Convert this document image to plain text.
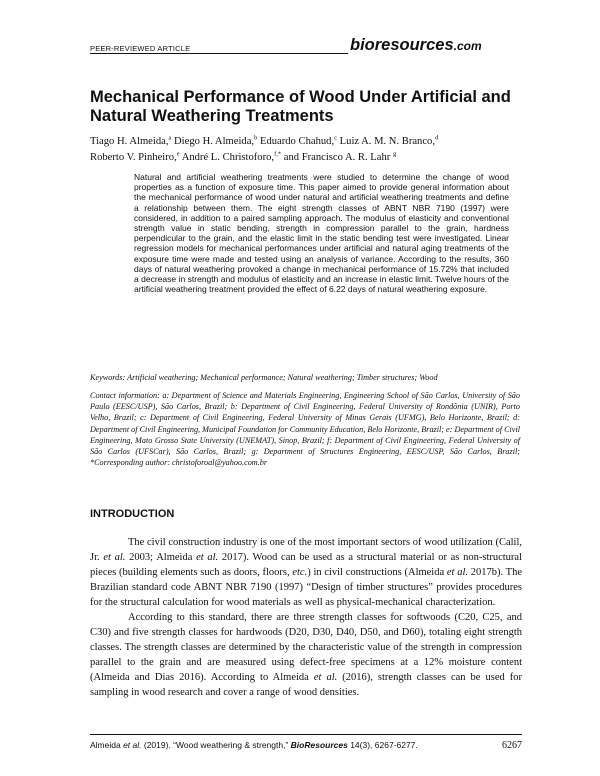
PEER-REVIEWED ARTICLE	bioresources.com
Mechanical Performance of Wood Under Artificial and Natural Weathering Treatments
Tiago H. Almeida,$^a$ Diego H. Almeida,$^b$ Eduardo Chahud,$^c$ Luiz A. M. N. Branco,$^d$
Roberto V. Pinheiro,$^e$ André L. Christoforo,$^{f,*}$ and Francisco A. R. Lahr $^g$
Natural and artificial weathering treatments were studied to determine the change of wood properties as a function of exposure time. This paper aimed to provide general information about the mechanical performance of wood under natural and artificial weathering treatments and define a relationship between them. The eight strength classes of ABNT NBR 7190 (1997) were considered, in addition to a paired sampling approach. The modulus of elasticity and conventional strength value in static bending, strength in compression parallel to the grain, hardness perpendicular to the grain, and the elastic limit in the static bending test were investigated. Linear regression models for mechanical performances under artificial and natural aging treatments of the exposure time were made and tested using an analysis of variance. According to the results, 360 days of natural weathering provoked a change in mechanical performance of 15.72% that included a decrease in strength and modulus of elasticity and an increase in elastic limit. Twelve hours of the artificial weathering treatment provided the effect of 6.22 days of natural weathering exposure.
Keywords: Artificial weathering; Mechanical performance; Natural weathering; Timber structures; Wood
Contact information: a: Department of Science and Materials Engineering, Engineering School of São Carlos, University of São Paulo (EESC/USP), São Carlos, Brazil; b: Department of Civil Engineering, Federal University of Rondônia (UNIR), Porto Velho, Brazil; c: Department of Civil Engineering, Federal University of Minas Gerais (UFMG), Belo Horizonte, Brazil; d: Department of Civil Engineering, Municipal Foundation for Community Education, Belo Horizonte, Brazil; e: Department of Civil Engineering, Mato Grosso State University (UNEMAT), Sinop, Brazil; f: Department of Civil Engineering, Federal University of São Carlos (UFSCar), São Carlos, Brazil; g: Department of Structures Engineering, EESC/USP, São Carlos, Brazil; *Corresponding author: christoforoal@yahoo.com.br
INTRODUCTION

The civil construction industry is one of the most important sectors of wood utilization (Calil, Jr. et al. 2003; Almeida et al. 2017). Wood can be used as a structural material or as non-structural pieces (building elements such as doors, floors, etc.) in civil constructions (Almeida et al. 2017b). The Brazilian standard code ABNT NBR 7190 (1997) “Design of timber structures” provides procedures for the structural calculation for wood materials as well as physical-mechanical characterization.

According to this standard, there are three strength classes for softwoods (C20, C25, and C30) and five strength classes for hardwoods (D20, D30, D40, D50, and D60), totaling eight strength classes. The strength classes are determined by the characteristic value of the strength in compression parallel to the grain and are measured using defect-free specimens at a 12% moisture content (Almeida and Dias 2016). According to Almeida et al. (2016), strength classes can be used for sampling in wood research and cover a range of wood densities.

Almeida et al. (2019). “Wood weathering & strength,” BioResources 14(3), 6267-6277.	6267
